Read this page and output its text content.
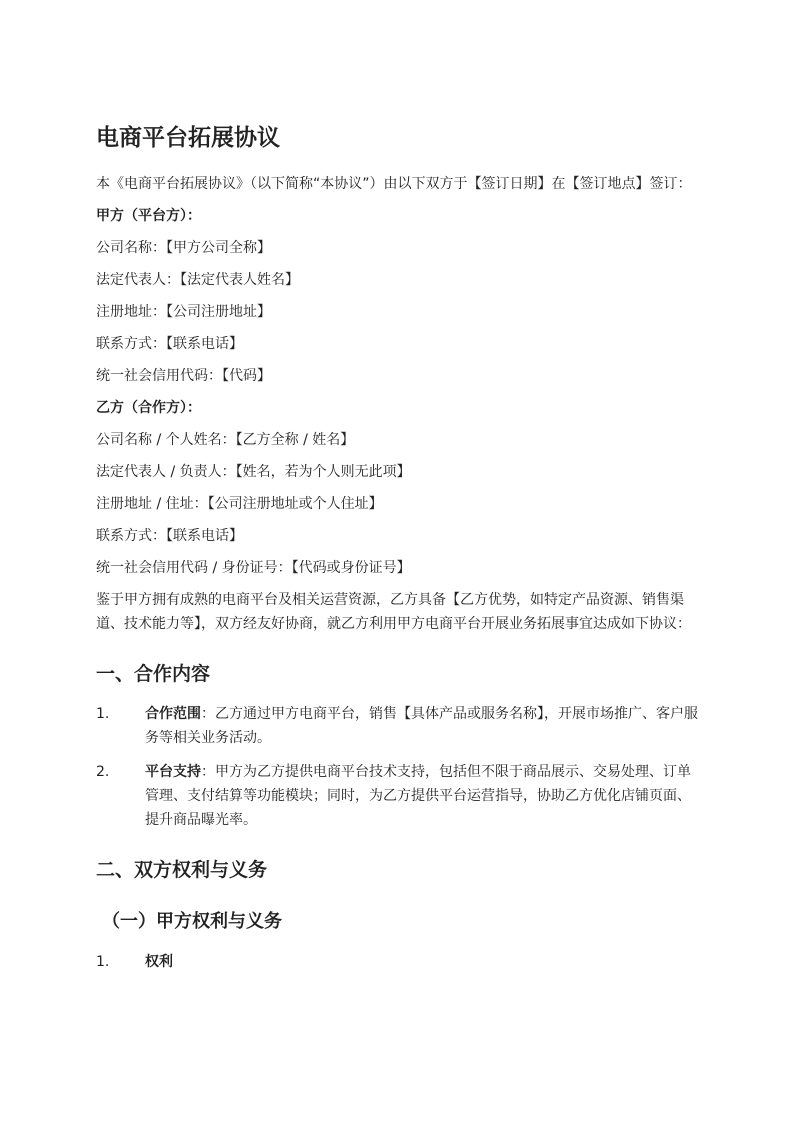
电商平台拓展协议
本《电商平台拓展协议》（以下简称“本协议”）由以下双方于【签订日期】在【签订地点】签订：
甲方（平台方）：
公司名称：【甲方公司全称】
法定代表人：【法定代表人姓名】
注册地址：【公司注册地址】
联系方式：【联系电话】
统一社会信用代码：【代码】
乙方（合作方）：
公司名称 / 个人姓名：【乙方全称 / 姓名】
法定代表人 / 负责人：【姓名，若为个人则无此项】
注册地址 / 住址：【公司注册地址或个人住址】
联系方式：【联系电话】
统一社会信用代码 / 身份证号：【代码或身份证号】
鉴于甲方拥有成熟的电商平台及相关运营资源，乙方具备【乙方优势，如特定产品资源、销售渠道、技术能力等】，双方经友好协商，就乙方利用甲方电商平台开展业务拓展事宜达成如下协议：
一、合作内容
1.	合作范围：乙方通过甲方电商平台，销售【具体产品或服务名称】，开展市场推广、客户服务等相关业务活动。
2.	平台支持：甲方为乙方提供电商平台技术支持，包括但不限于商品展示、交易处理、订单管理、支付结算等功能模块；同时，为乙方提供平台运营指导，协助乙方优化店铺页面、提升商品曝光率。
二、双方权利与义务
（一）甲方权利与义务
1.	权利
